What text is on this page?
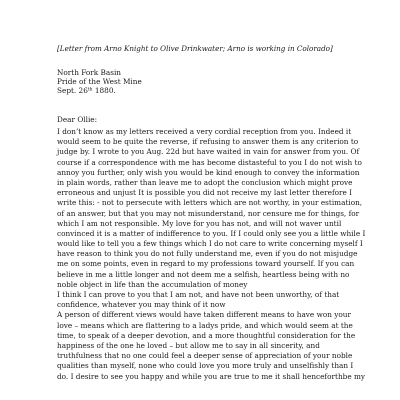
[Letter from Arno Knight to Olive Drinkwater; Arno is working in Colorado]
North Fork Basin
Pride of the West Mine
Sept. 26th 1880.
Dear Ollie:
I don’t know as my letters received a very cordial reception from you. Indeed it
would seem to be quite the reverse, if refusing to answer them is any criterion to
judge by. I wrote to you Aug. 22d but have waited in vain for answer from you. Of
course if a correspondence with me has become distasteful to you I do not wish to
annoy you further, only wish you would be kind enough to convey the information
in plain words, rather than leave me to adopt the conclusion which might prove
erroneous and unjust It is possible you did not receive my last letter therefore I
write this: - not to persecute with letters which are not worthy, in your estimation,
of an answer, but that you may not misunderstand, nor censure me for things, for
which I am not responsible. My love for you has not, and will not waver until
convinced it is a matter of indifference to you. If I could only see you a little while I
would like to tell you a few things which I do not care to write concerning myself I
have reason to think you do not fully understand me, even if you do not misjudge
me on some points, even in regard to my professions toward yourself. If you can
believe in me a little longer and not deem me a selfish, heartless being with no
noble object in life than the accumulation of money
I think I can prove to you that I am not, and have not been unworthy, of that
confidence, whatever you may think of it now
A person of different views would have taken different means to have won your
love – means which are flattering to a ladys pride, and which would seem at the
time, to speak of a deeper devotion, and a more thoughtful consideration for the
happiness of the one he loved – but allow me to say in all sincerity, and
truthfulness that no one could feel a deeper sense of appreciation of your noble
qualities than myself, none who could love you more truly and unselfishly than I
do. I desire to see you happy and while you are true to me it shall henceforthbe my
